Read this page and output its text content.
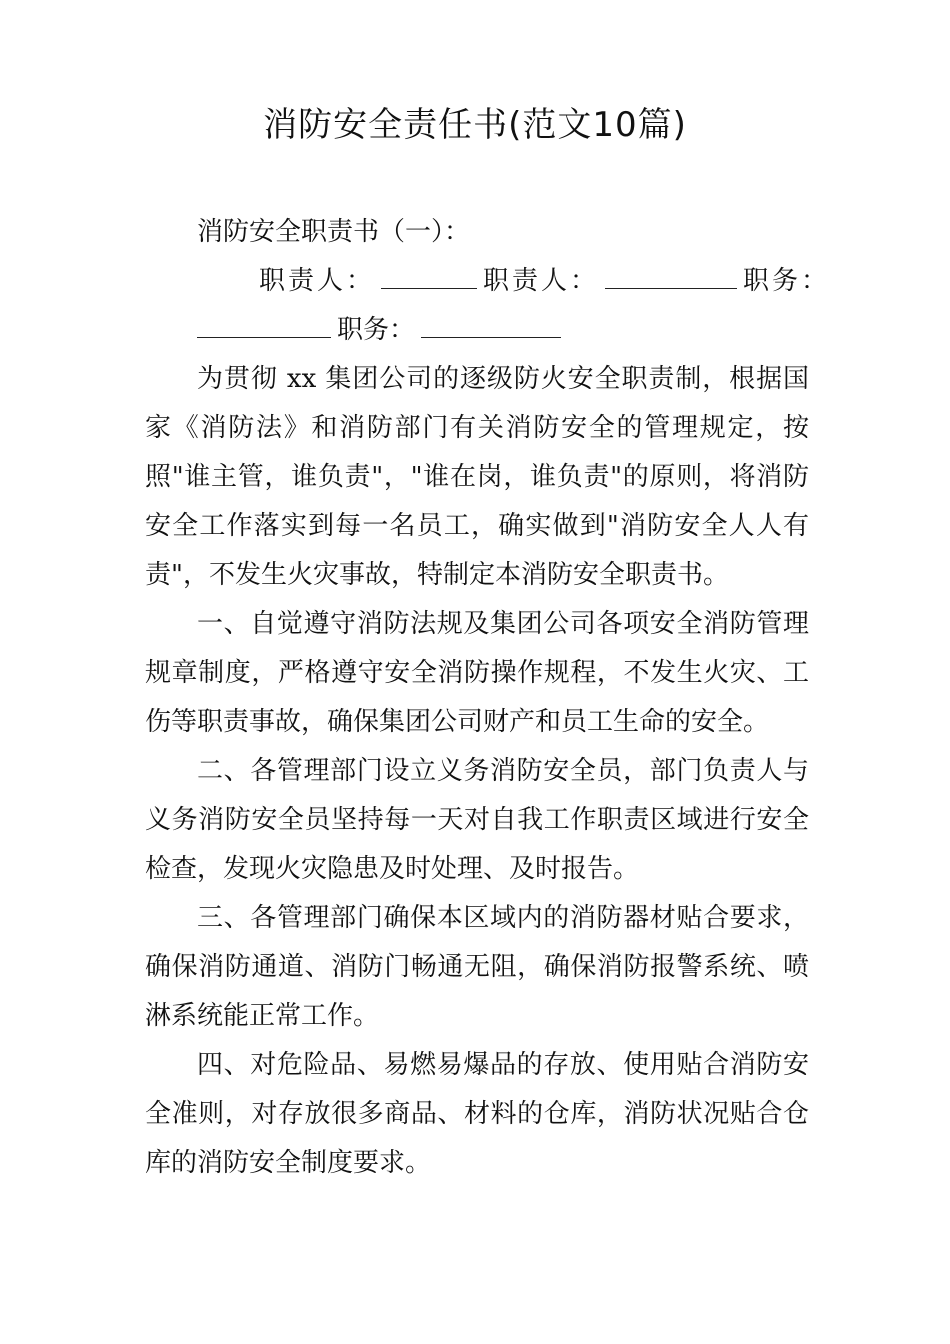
消防安全责任书(范文10篇)

消防安全职责书（一）：

职责人：	职责人：	职务：

职务：

为贯彻 xx 集团公司的逐级防火安全职责制，根据国家《消防法》和消防部门有关消防安全的管理规定，按照"谁主管，谁负责"，"谁在岗，谁负责"的原则，将消防安全工作落实到每一名员工，确实做到"消防安全人人有责"，不发生火灾事故，特制定本消防安全职责书。

一、自觉遵守消防法规及集团公司各项安全消防管理规章制度，严格遵守安全消防操作规程，不发生火灾、工伤等职责事故，确保集团公司财产和员工生命的安全。

二、各管理部门设立义务消防安全员，部门负责人与义务消防安全员坚持每一天对自我工作职责区域进行安全检查，发现火灾隐患及时处理、及时报告。

三、各管理部门确保本区域内的消防器材贴合要求，确保消防通道、消防门畅通无阻，确保消防报警系统、喷淋系统能正常工作。

四、对危险品、易燃易爆品的存放、使用贴合消防安全准则，对存放很多商品、材料的仓库，消防状况贴合仓库的消防安全制度要求。
